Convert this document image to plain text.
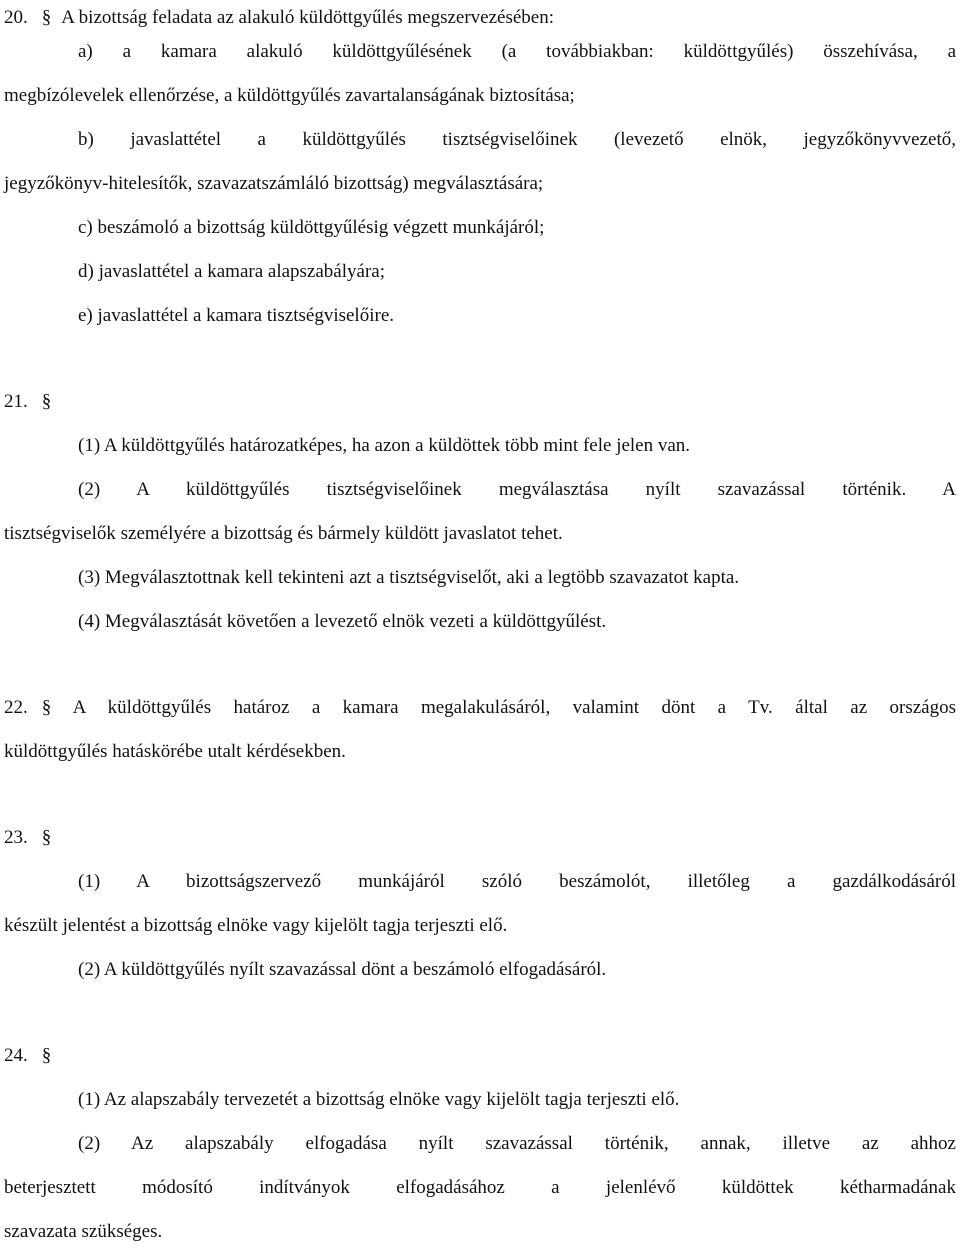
20. § A bizottság feladata az alakuló küldöttgyűlés megszervezésében:
a) a kamara alakuló küldöttgyűlésének (a továbbiakban: küldöttgyűlés) összehívása, a
megbízólevelek ellenőrzése, a küldöttgyűlés zavartalanságának biztosítása;
b) javaslattétel a küldöttgyűlés tisztségviselőinek (levezető elnök, jegyzőkönyvvezető,
jegyzőkönyv-hitelesítők, szavazatszámláló bizottság) megválasztására;
c) beszámoló a bizottság küldöttgyűlésig végzett munkájáról;
d) javaslattétel a kamara alapszabályára;
e) javaslattétel a kamara tisztségviselőire.
21. §
(1) A küldöttgyűlés határozatképes, ha azon a küldöttek több mint fele jelen van.
(2) A küldöttgyűlés tisztségviselőinek megválasztása nyílt szavazással történik. A
tisztségviselők személyére a bizottság és bármely küldött javaslatot tehet.
(3) Megválasztottnak kell tekinteni azt a tisztségviselőt, aki a legtöbb szavazatot kapta.
(4) Megválasztását követően a levezető elnök vezeti a küldöttgyűlést.
22. § A küldöttgyűlés határoz a kamara megalakulásáról, valamint dönt a Tv. által az országos
küldöttgyűlés hatáskörébe utalt kérdésekben.
23. §
(1) A bizottságszervező munkájáról szóló beszámolót, illetőleg a gazdálkodásáról
készült jelentést a bizottság elnöke vagy kijelölt tagja terjeszti elő.
(2) A küldöttgyűlés nyílt szavazással dönt a beszámoló elfogadásáról.
24. §
(1) Az alapszabály tervezetét a bizottság elnöke vagy kijelölt tagja terjeszti elő.
(2) Az alapszabály elfogadása nyílt szavazással történik, annak, illetve az ahhoz
beterjesztett módosító indítványok elfogadásához a jelenlévő küldöttek kétharmadának
szavazata szükséges.
